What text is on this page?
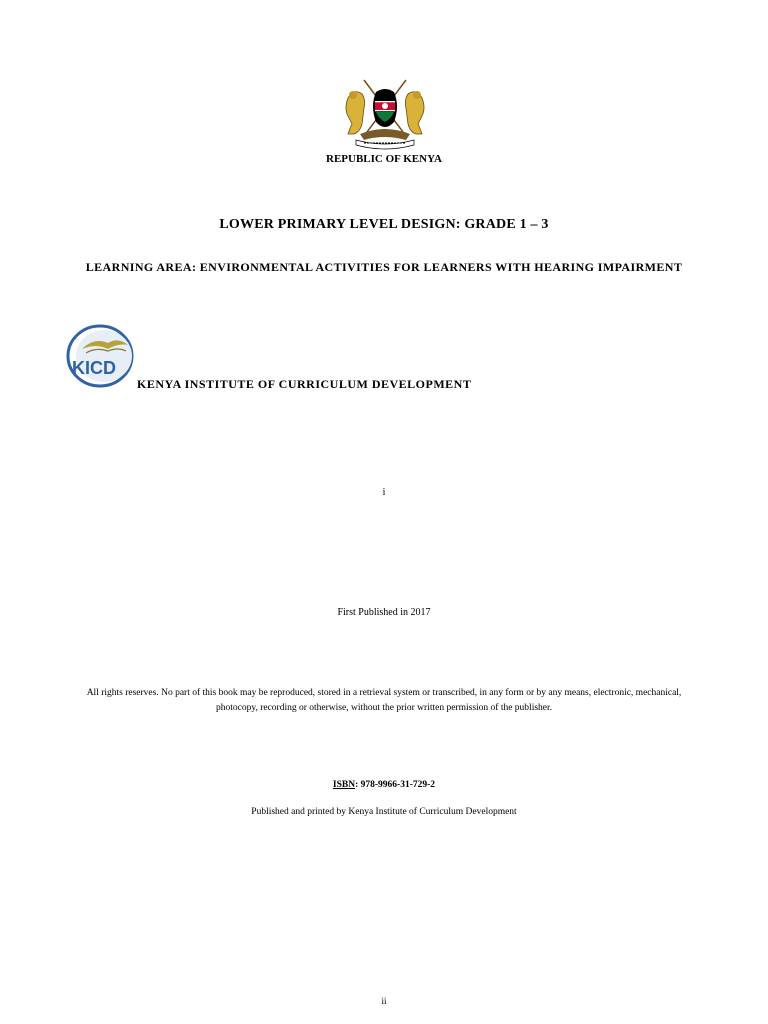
REPUBLIC OF KENYA
LOWER PRIMARY LEVEL DESIGN: GRADE 1 – 3
LEARNING AREA: ENVIRONMENTAL ACTIVITIES FOR LEARNERS WITH HEARING IMPAIRMENT
KICD
KENYA INSTITUTE OF CURRICULUM DEVELOPMENT
i
First Published in 2017
All rights reserves. No part of this book may be reproduced, stored in a retrieval system or transcribed, in any form or by any means, electronic, mechanical,
photocopy, recording or otherwise, without the prior written permission of the publisher.
ISBN: 978-9966-31-729-2
Published and printed by Kenya Institute of Curriculum Development
ii
